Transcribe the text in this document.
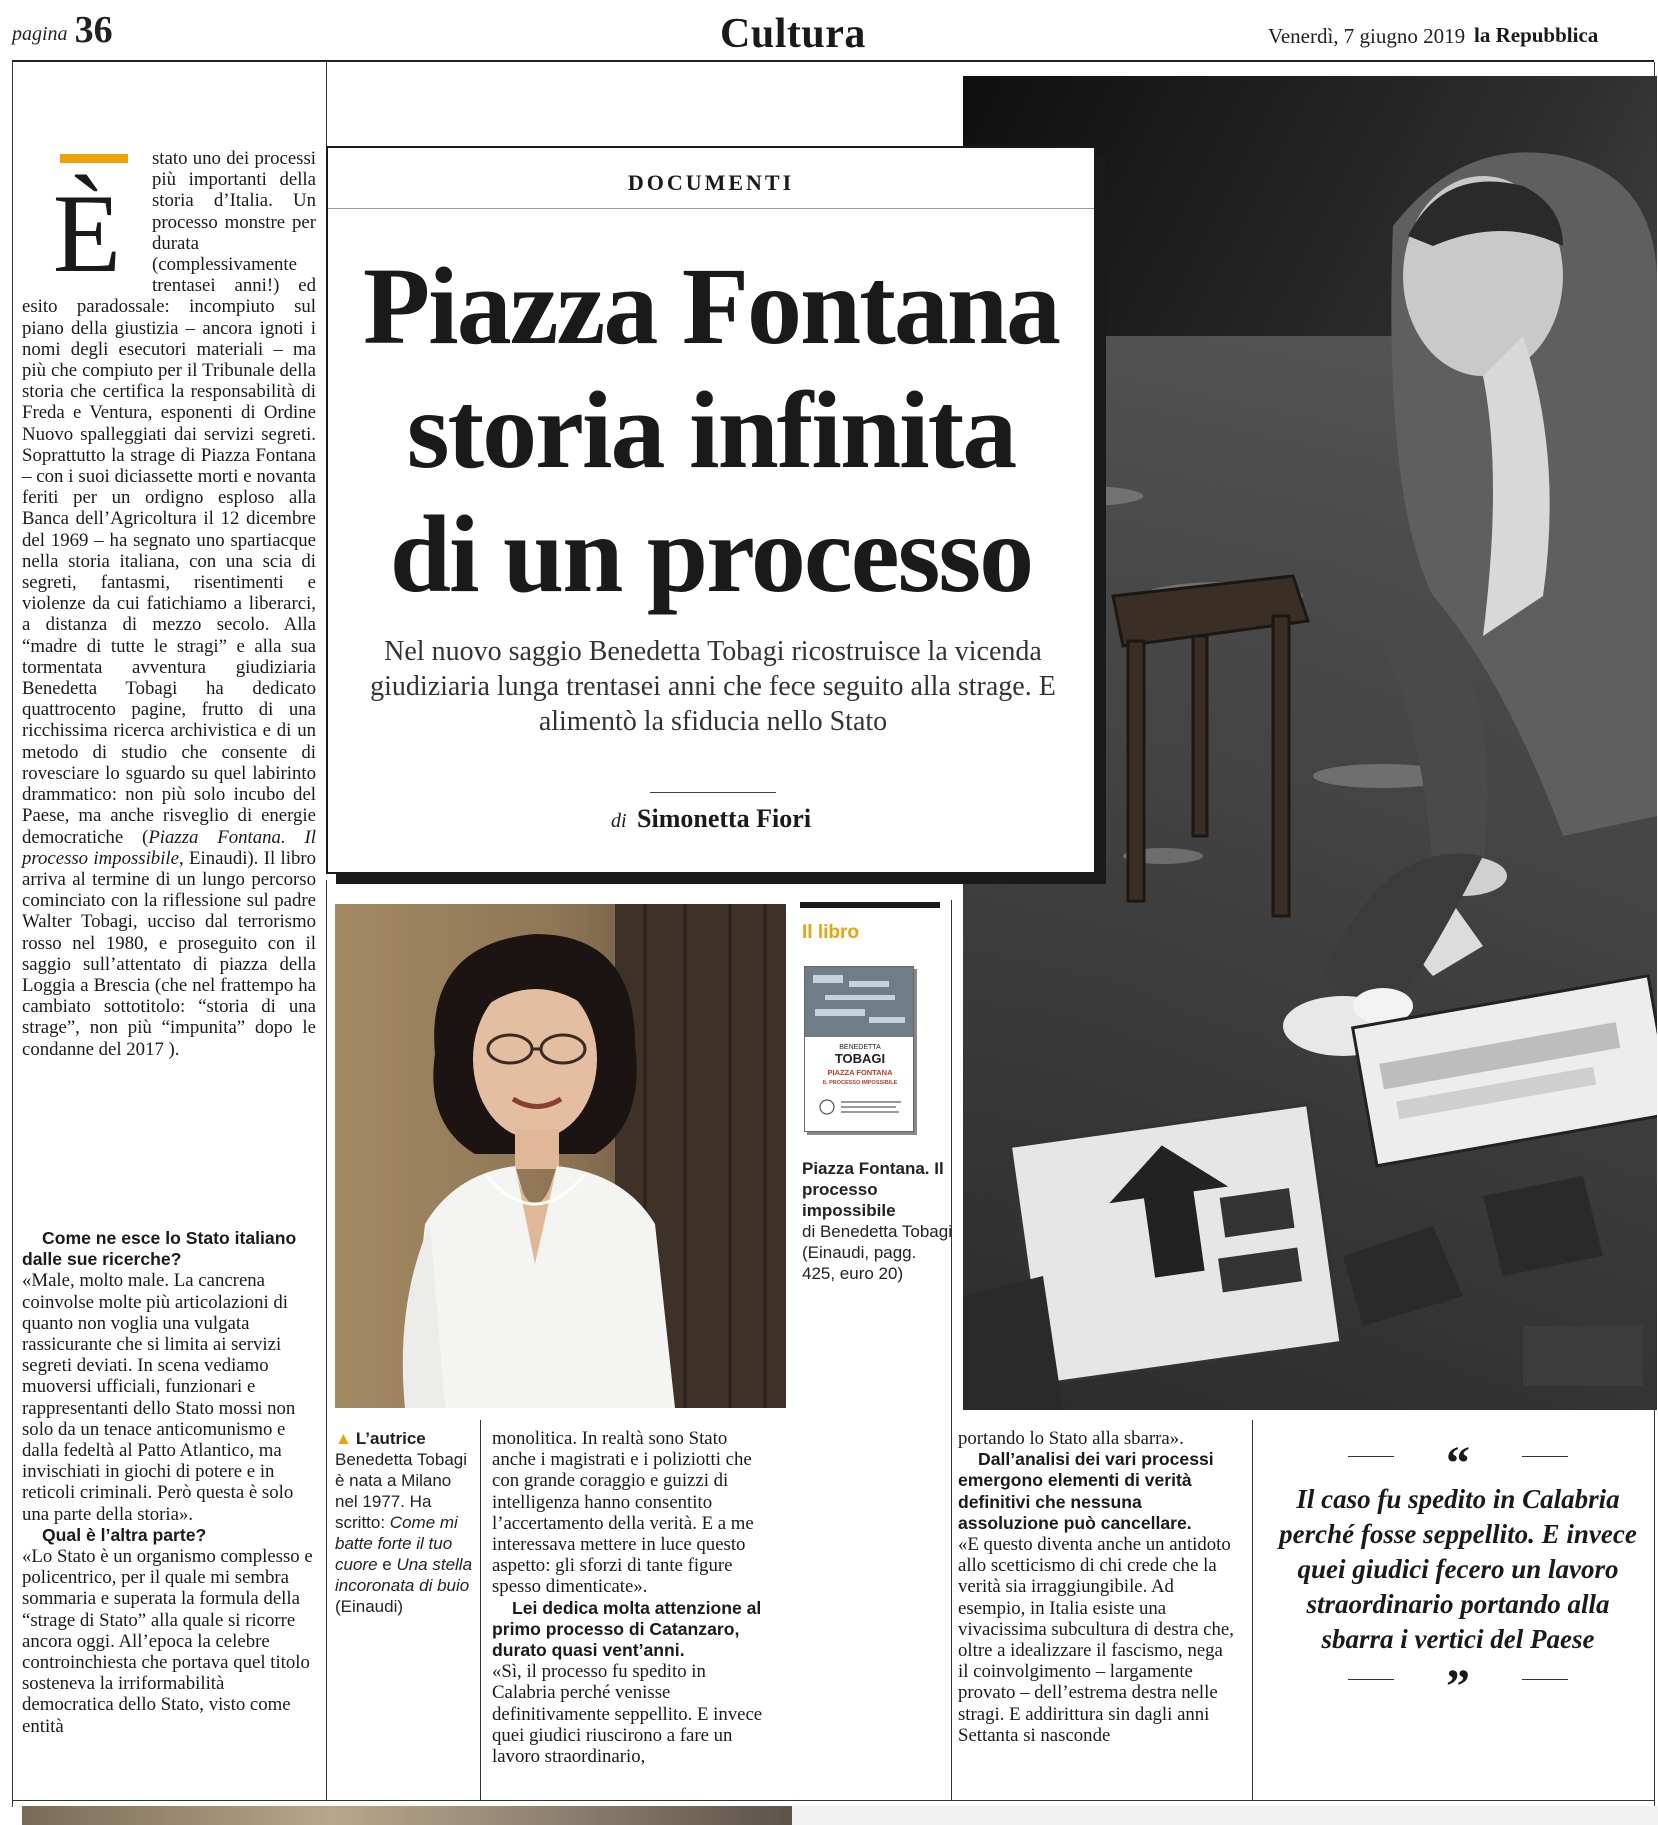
pagina 36	Cultura	Venerdì, 7 giugno 2019 la Repubblica
È

stato uno dei processi più importanti della storia d’Italia. Un processo monstre per durata (complessivamente trentasei anni!) ed esito paradossale: incompiuto sul piano della giustizia – ancora ignoti i nomi degli esecutori materiali – ma più che compiuto per il Tribunale della storia che certifica la responsabilità di Freda e Ventura, esponenti di Ordine Nuovo spalleggiati dai servizi segreti. Soprattutto la strage di Piazza Fontana – con i suoi diciassette morti e novanta feriti per un ordigno esploso alla Banca dell’Agricoltura il 12 dicembre del 1969 – ha segnato uno spartiacque nella storia italiana, con una scia di segreti, fantasmi, risentimenti e violenze da cui fatichiamo a liberarci, a distanza di mezzo secolo. Alla “madre di tutte le stragi” e alla sua tormentata avventura giudiziaria Benedetta Tobagi ha dedicato quattrocento pagine, frutto di una ricchissima ricerca archivistica e di un metodo di studio che consente di rovesciare lo sguardo su quel labirinto drammatico: non più solo incubo del Paese, ma anche risveglio di energie democratiche (Piazza Fontana. Il processo impossibile, Einaudi). Il libro arriva al termine di un lungo percorso cominciato con la riflessione sul padre Walter Tobagi, ucciso dal terrorismo rosso nel 1980, e proseguito con il saggio sull’attentato di piazza della Loggia a Brescia (che nel frattempo ha cambiato sottotitolo: “storia di una strage”, non più “impunita” dopo le condanne del 2017 ).

Come ne esce lo Stato italiano dalle sue ricerche?

«Male, molto male. La cancrena coinvolse molte più articolazioni di quanto non voglia una vulgata rassicurante che si limita ai servizi segreti deviati. In scena vediamo muoversi ufficiali, funzionari e rappresentanti dello Stato mossi non solo da un tenace anticomunismo e dalla fedeltà al Patto Atlantico, ma invischiati in giochi di potere e in reticoli criminali. Però questa è solo una parte della storia».

Qual è l’altra parte?

«Lo Stato è un organismo complesso e policentrico, per il quale mi sembra sommaria e superata la formula della “strage di Stato” alla quale si ricorre ancora oggi. All’epoca la celebre controinchiesta che portava quel titolo sosteneva la irriformabilità democratica dello Stato, visto come entità

DOCUMENTI
Piazza Fontana
storia infinita
di un processo

Nel nuovo saggio Benedetta Tobagi ricostruisce la vicenda giudiziaria lunga trentasei anni che fece seguito alla strage. E alimentò la sfiducia nello Stato

di Simonetta Fiori
▲ L’autrice
Benedetta Tobagi è nata a Milano nel 1977. Ha scritto: Come mi batte forte il tuo cuore e Una stella incoronata di buio (Einaudi)
Il libro
BENEDETTA
TOBAGI
PIAZZA FONTANA
IL PROCESSO IMPOSSIBILE
Piazza Fontana. Il processo impossibile
di Benedetta Tobagi (Einaudi, pagg. 425, euro 20)

monolitica. In realtà sono Stato anche i magistrati e i poliziotti che con grande coraggio e guizzi di intelligenza hanno consentito l’accertamento della verità. E a me interessava mettere in luce questo aspetto: gli sforzi di tante figure spesso dimenticate».

Lei dedica molta attenzione al primo processo di Catanzaro, durato quasi vent’anni.

«Sì, il processo fu spedito in Calabria perché venisse definitivamente seppellito. E invece quei giudici riuscirono a fare un lavoro straordinario,

portando lo Stato alla sbarra».

Dall’analisi dei vari processi emergono elementi di verità definitivi che nessuna assoluzione può cancellare.

«E questo diventa anche un antidoto allo scetticismo di chi crede che la verità sia irraggiungibile. Ad esempio, in Italia esiste una vivacissima subcultura di destra che, oltre a idealizzare il fascismo, nega il coinvolgimento – largamente provato – dell’estrema destra nelle stragi. E addirittura sin dagli anni Settanta si nasconde

“

Il caso fu spedito in Calabria perché fosse seppellito. E invece quei giudici fecero un lavoro straordinario portando alla sbarra i vertici del Paese

”
